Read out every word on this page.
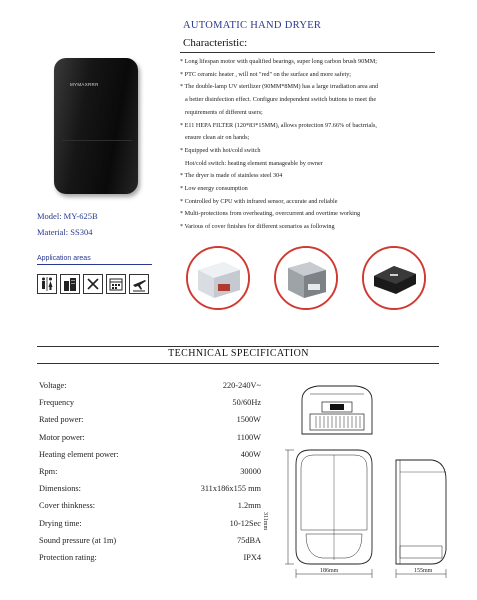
AUTOMATIC HAND DRYER
Characteristic:
MYMAXRRR
* Long lifespan motor with qualified bearings, super long carbon brush 90MM;
* PTC ceramic heater , will not "red" on the surface and more safety;
* The double-lamp UV sterilizer (90MM*8MM) has a large irradiation area and
a better disinfection effect. Configure independent switch buttons to meet the
requirements of different users;
* E11 HEPA FILTER (120*83*15MM), allows protection 97.66% of bactrrials,
ensure clean air on hands;
* Equipped with hot/cold switch
Hot/cold switch: heating element manageable by owner
* The dryer is made of stainless steel 304
* Low energy consumption
* Controlled by CPU with infrared sensor, accurate and reliable
* Multi-protections from overheating, overcurrent and overtime working
* Various of cover finishes for different scenarios as following
Model: MY-625B
Material: SS304
Application areas
TECHNICAL SPECIFICATION
Voltage:	220-240V~
Frequency	50/60Hz
Rated power:	1500W
Motor power:	1100W
Heating element power:	400W
Rpm:	30000
Dimensions:	311x186x155 mm
Cover thinkness:	1.2mm
Drying time:	10-12Sec
Sound pressure (at 1m)	75dBA
Protection rating:	IPX4
311mm
186mm	155mm
